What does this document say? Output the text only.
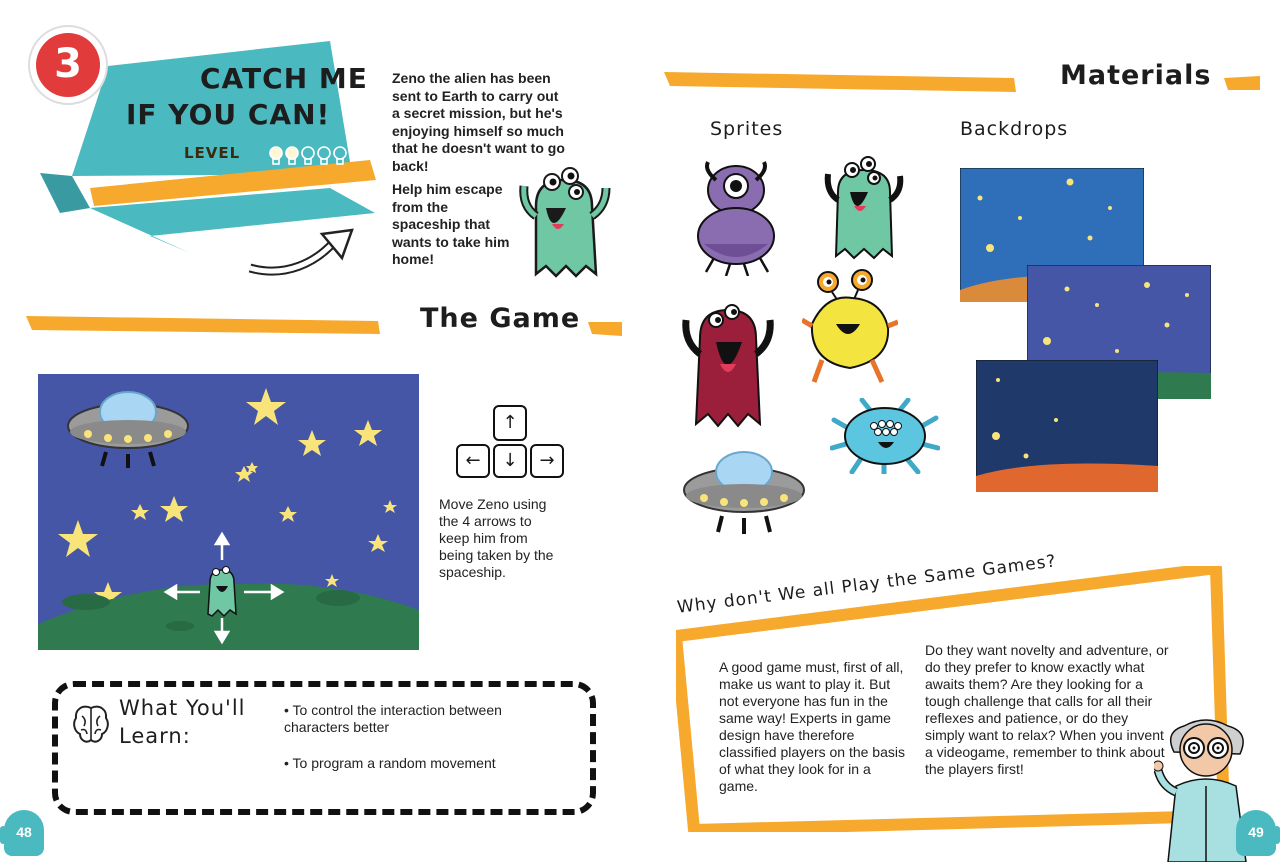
3	CATCH ME
IF YOU CAN!
LEVEL
Zeno the alien has been sent to Earth to carry out a secret mission, but he's enjoying himself so much that he doesn't want to go back!
Help him escape from the spaceship that wants to take him home!
The Game
↑
←	↓	→
Move Zeno using the 4 arrows to keep him from being taken by the spaceship.
What You'll
Learn:
• To control the interaction between characters better
• To program a random movement
48
Materials
Sprites	Backdrops
Why don't We all Play the Same Games?
A good game must, first of all, make us want to play it. But not everyone has fun in the same way! Experts in game design have therefore classified players on the basis of what they look for in a game.
Do they want novelty and adventure, or do they prefer to know exactly what awaits them? Are they looking for a tough challenge that calls for all their reflexes and patience, or do they simply want to relax? When you invent a videogame, remember to think about the players first!
49
